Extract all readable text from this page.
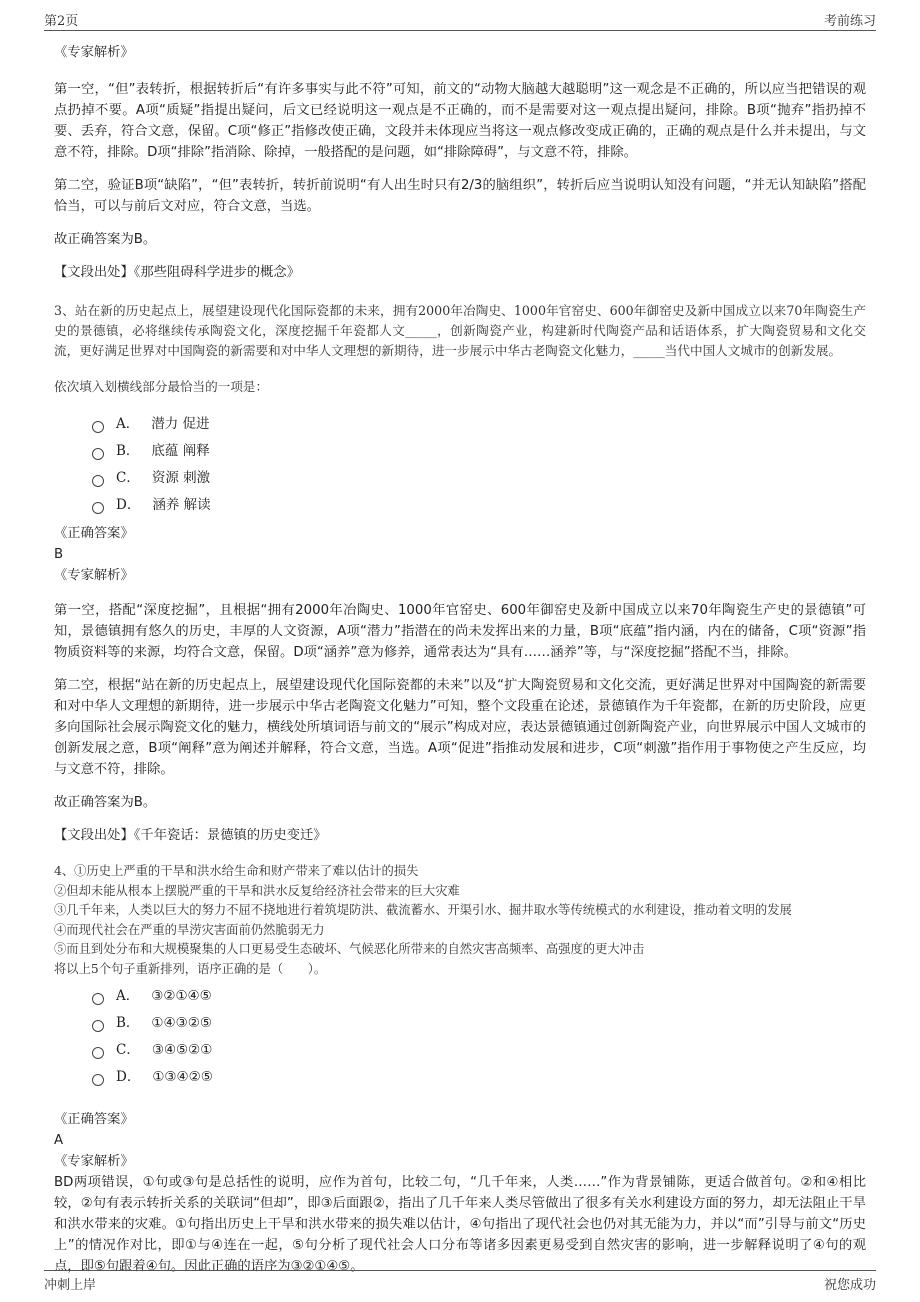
第2页	考前练习

《专家解析》

第一空，“但”表转折，根据转折后“有许多事实与此不符”可知，前文的“动物大脑越大越聪明”这一观念是不正确的，所以应当把错误的观点扔掉不要。A项“质疑”指提出疑问，后文已经说明这一观点是不正确的，而不是需要对这一观点提出疑问，排除。B项“抛弃”指扔掉不要、丢弃，符合文意，保留。C项“修正”指修改使正确，文段并未体现应当将这一观点修改变成正确的，正确的观点是什么并未提出，与文意不符，排除。D项“排除”指消除、除掉，一般搭配的是问题，如“排除障碍”，与文意不符，排除。

第二空，验证B项“缺陷”，“但”表转折，转折前说明“有人出生时只有2/3的脑组织”，转折后应当说明认知没有问题，“并无认知缺陷”搭配恰当，可以与前后文对应，符合文意，当选。

故正确答案为B。

【文段出处】《那些阻碍科学进步的概念》

3、站在新的历史起点上，展望建设现代化国际瓷都的未来，拥有2000年冶陶史、1000年官窑史、600年御窑史及新中国成立以来70年陶瓷生产史的景德镇，必将继续传承陶瓷文化，深度挖掘千年瓷都人文_____，创新陶瓷产业，构建新时代陶瓷产品和话语体系，扩大陶瓷贸易和文化交流，更好满足世界对中国陶瓷的新需要和对中华人文理想的新期待，进一步展示中华古老陶瓷文化魅力，_____当代中国人文城市的创新发展。

依次填入划横线部分最恰当的一项是：

A． 潜力 促进
B． 底蕴 阐释
C． 资源 刺激
D． 涵养 解读

《正确答案》

B

《专家解析》

第一空，搭配“深度挖掘”，且根据“拥有2000年冶陶史、1000年官窑史、600年御窑史及新中国成立以来70年陶瓷生产史的景德镇”可知，景德镇拥有悠久的历史，丰厚的人文资源，A项“潜力”指潜在的尚未发挥出来的力量，B项“底蕴”指内涵，内在的储备，C项“资源”指物质资料等的来源，均符合文意，保留。D项“涵养”意为修养，通常表达为“具有……涵养”等，与“深度挖掘”搭配不当，排除。

第二空，根据“站在新的历史起点上，展望建设现代化国际瓷都的未来”以及“扩大陶瓷贸易和文化交流，更好满足世界对中国陶瓷的新需要和对中华人文理想的新期待，进一步展示中华古老陶瓷文化魅力”可知，整个文段重在论述，景德镇作为千年瓷都，在新的历史阶段，应更多向国际社会展示陶瓷文化的魅力，横线处所填词语与前文的“展示”构成对应，表达景德镇通过创新陶瓷产业，向世界展示中国人文城市的创新发展之意，B项“阐释”意为阐述并解释，符合文意，当选。A项“促进”指推动发展和进步，C项“刺激”指作用于事物使之产生反应，均与文意不符，排除。

故正确答案为B。

【文段出处】《千年瓷话：景德镇的历史变迁》

4、①历史上严重的干旱和洪水给生命和财产带来了难以估计的损失

②但却未能从根本上摆脱严重的干旱和洪水反复给经济社会带来的巨大灾难

③几千年来，人类以巨大的努力不屈不挠地进行着筑堤防洪、截流蓄水、开渠引水、掘井取水等传统模式的水利建设，推动着文明的发展

④而现代社会在严重的旱涝灾害面前仍然脆弱无力

⑤而且到处分布和大规模聚集的人口更易受生态破坏、气候恶化所带来的自然灾害高频率、高强度的更大冲击

将以上5个句子重新排列，语序正确的是（　　）。

A． ③②①④⑤
B． ①④③②⑤
C． ③④⑤②①
D． ①③④②⑤

《正确答案》

A

《专家解析》

BD两项错误，①句或③句是总括性的说明，应作为首句，比较二句，“几千年来，人类……”作为背景铺陈，更适合做首句。②和④相比较，②句有表示转折关系的关联词“但却”，即③后面跟②，指出了几千年来人类尽管做出了很多有关水利建设方面的努力，却无法阻止干旱和洪水带来的灾难。①句指出历史上干旱和洪水带来的损失难以估计，④句指出了现代社会也仍对其无能为力，并以“而”引导与前文“历史上”的情况作对比，即①与④连在一起，⑤句分析了现代社会人口分布等诸多因素更易受到自然灾害的影响，进一步解释说明了④句的观点，即⑤句跟着④句。因此正确的语序为③②①④⑤。

冲刺上岸	祝您成功
